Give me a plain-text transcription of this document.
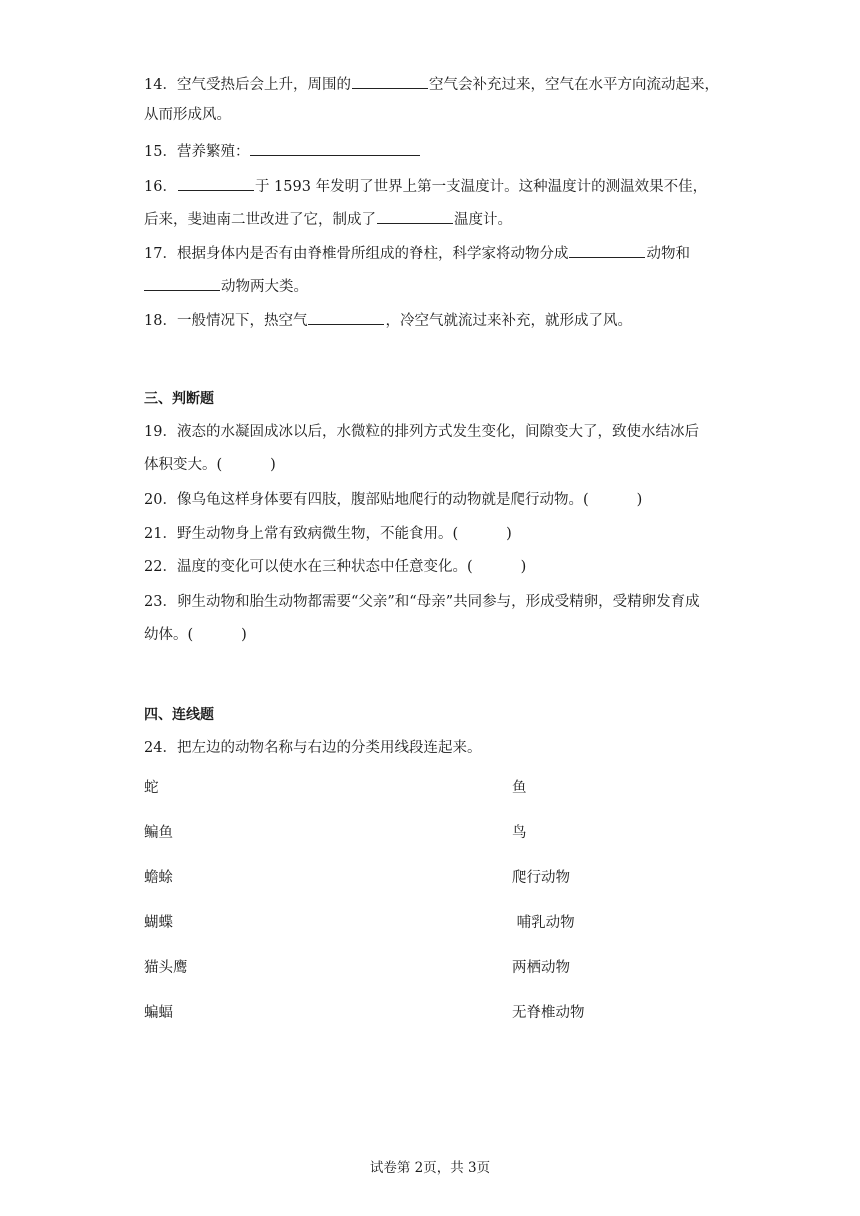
14．空气受热后会上升，周围的	空气会补充过来，空气在水平方向流动起来，
从而形成风。
15．营养繁殖：
16．	于 1593 年发明了世界上第一支温度计。这种温度计的测温效果不佳，
后来，斐迪南二世改进了它，制成了	温度计。
17．根据身体内是否有由脊椎骨所组成的脊柱，科学家将动物分成	动物和
动物两大类。
18．一般情况下，热空气	，冷空气就流过来补充，就形成了风。
三、判断题
19．液态的水凝固成冰以后，水微粒的排列方式发生变化，间隙变大了，致使水结冰后
体积变大。(	)
20．像乌龟这样身体要有四肢，腹部贴地爬行的动物就是爬行动物。(	)
21．野生动物身上常有致病微生物，不能食用。(	)
22．温度的变化可以使水在三种状态中任意变化。(	)
23．卵生动物和胎生动物都需要“父亲”和“母亲”共同参与，形成受精卵，受精卵发育成
幼体。(	)
四、连线题
24．把左边的动物名称与右边的分类用线段连起来。
蛇
鳊鱼
蟾蜍
蝴蝶
猫头鹰
蝙蝠
鱼
鸟
爬行动物
哺乳动物
两栖动物
无脊椎动物
试卷第 2页，共 3页
